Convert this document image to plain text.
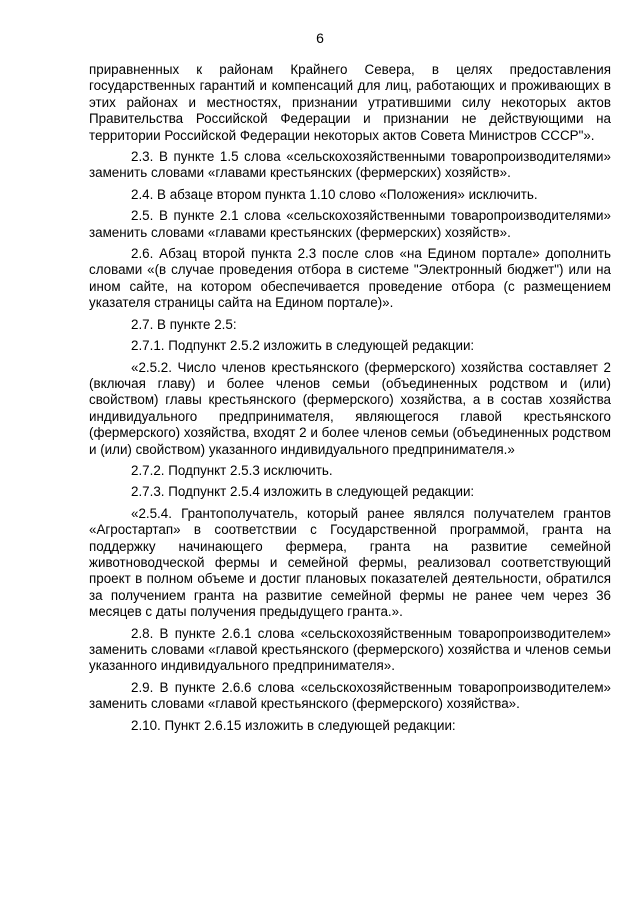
6

приравненных к районам Крайнего Севера, в целях предоставления государственных гарантий и компенсаций для лиц, работающих и проживающих в этих районах и местностях, признании утратившими силу некоторых актов Правительства Российской Федерации и признании не действующими на территории Российской Федерации некоторых актов Совета Министров СССР"».

2.3. В пункте 1.5 слова «сельскохозяйственными товаропроизводителями» заменить словами «главами крестьянских (фермерских) хозяйств».

2.4. В абзаце втором пункта 1.10 слово «Положения» исключить.

2.5. В пункте 2.1 слова «сельскохозяйственными товаропроизводителями» заменить словами «главами крестьянских (фермерских) хозяйств».

2.6. Абзац второй пункта 2.3 после слов «на Едином портале» дополнить словами «(в случае проведения отбора в системе "Электронный бюджет") или на ином сайте, на котором обеспечивается проведение отбора (с размещением указателя страницы сайта на Едином портале)».

2.7. В пункте 2.5:

2.7.1. Подпункт 2.5.2 изложить в следующей редакции:

«2.5.2. Число членов крестьянского (фермерского) хозяйства составляет 2 (включая главу) и более членов семьи (объединенных родством и (или) свойством) главы крестьянского (фермерского) хозяйства, а в состав хозяйства индивидуального предпринимателя, являющегося главой крестьянского (фермерского) хозяйства, входят 2 и более членов семьи (объединенных родством и (или) свойством) указанного индивидуального предпринимателя.»

2.7.2. Подпункт 2.5.3 исключить.

2.7.3. Подпункт 2.5.4 изложить в следующей редакции:

«2.5.4. Грантополучатель, который ранее являлся получателем грантов «Агростартап» в соответствии с Государственной программой, гранта на поддержку начинающего фермера, гранта на развитие семейной животноводческой фермы и семейной фермы, реализовал соответствующий проект в полном объеме и достиг плановых показателей деятельности, обратился за получением гранта на развитие семейной фермы не ранее чем через 36 месяцев с даты получения предыдущего гранта.».

2.8. В пункте 2.6.1 слова «сельскохозяйственным товаропроизводителем» заменить словами «главой крестьянского (фермерского) хозяйства и членов семьи указанного индивидуального предпринимателя».

2.9. В пункте 2.6.6 слова «сельскохозяйственным товаропроизводителем» заменить словами «главой крестьянского (фермерского) хозяйства».

2.10. Пункт 2.6.15 изложить в следующей редакции:
